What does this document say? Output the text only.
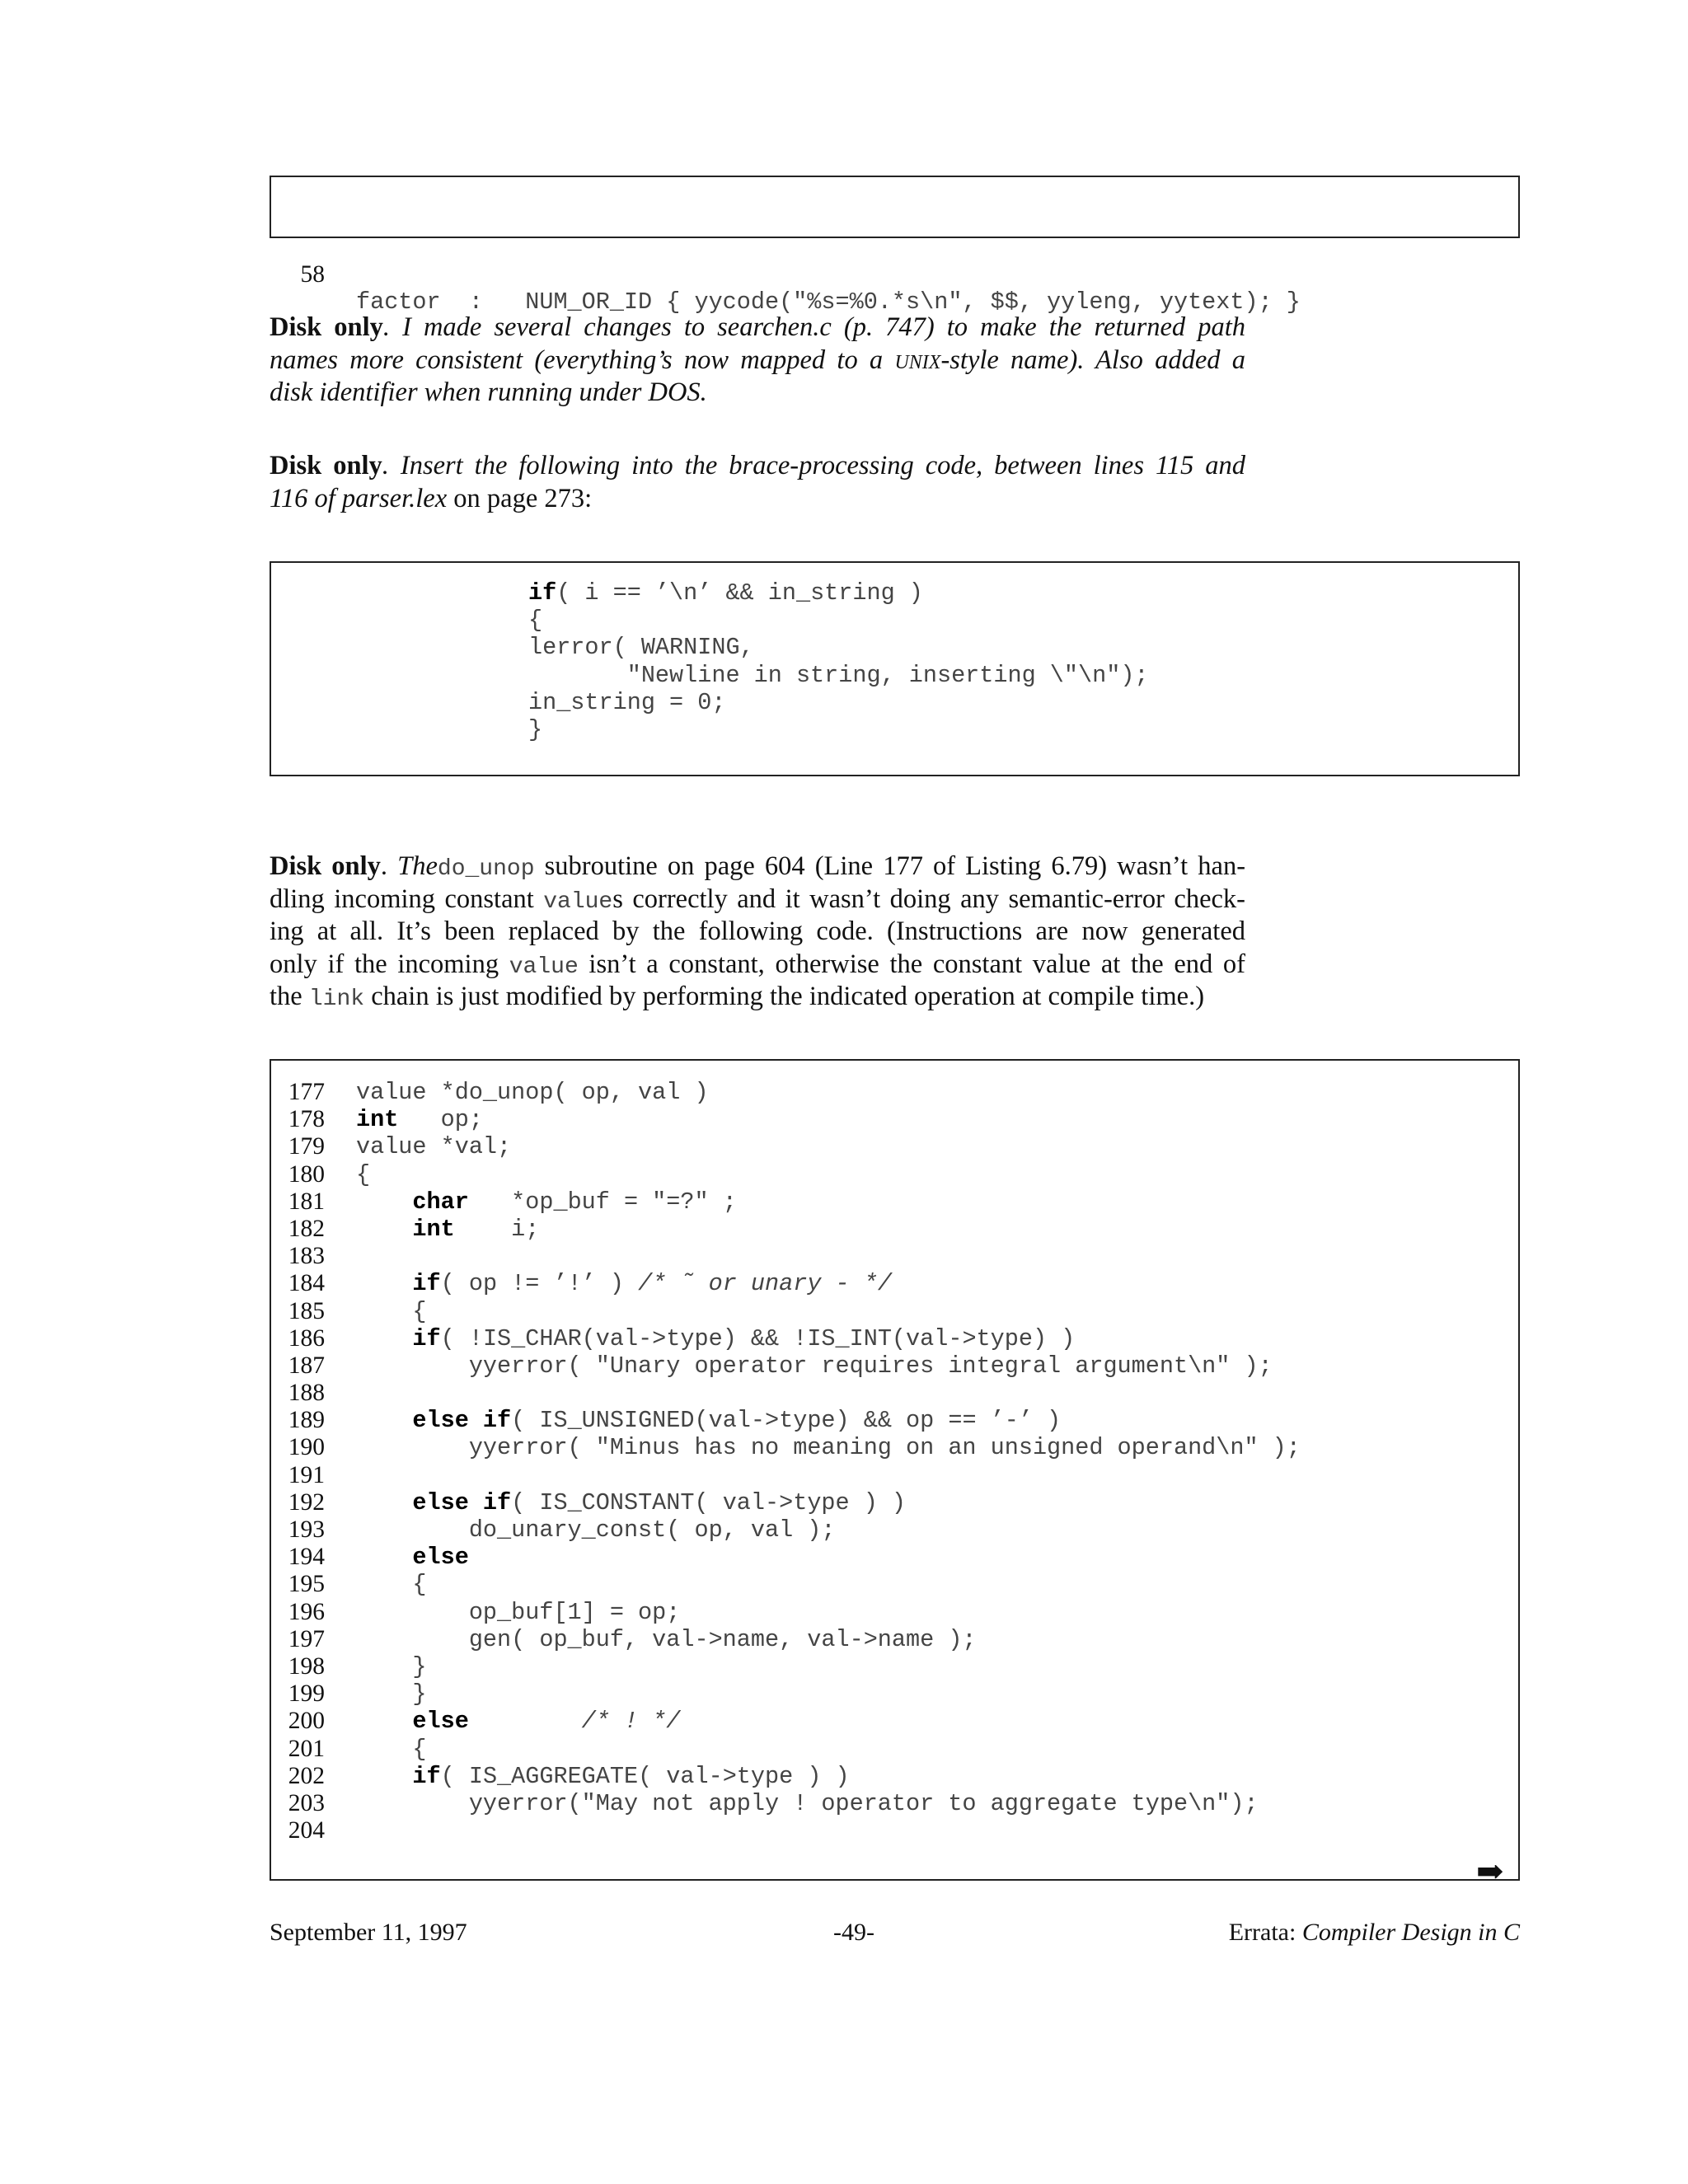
58

factor  :   NUM_OR_ID { yycode("%s=%0.*s\n", $$, yyleng, yytext); }

Disk only. I made several changes to searchen.c (p. 747) to make the returned path
names more consistent (everything’s now mapped to a UNIX-style name). Also added a
disk identifier when running under DOS.
Disk only. Insert the following into the brace-processing code, between lines 115 and
116 of parser.lex on page 273:
if( i == ’\n’ && in_string )
{
lerror( WARNING,
"Newline in string, inserting \"\n");
in_string = 0;
}
Disk only. Thedo_unop subroutine on page 604 (Line 177 of Listing 6.79) wasn’t han-
dling incoming constant values correctly and it wasn’t doing any semantic-error check-
ing at all. It’s been replaced by the following code. (Instructions are now generated
only if the incoming value isn’t a constant, otherwise the constant value at the end of
the link chain is just modified by performing the indicated operation at compile time.)
177 value *do_unop( op, val )
178 int   op;
179 value *val;
180 {
181	char   *op_buf = "=?" ;
182	int    i;
183
184	if( op != ’!’ ) /* ˜ or unary - */
185	{
186	if( !IS_CHAR(val->type) && !IS_INT(val->type) )
187	yyerror( "Unary operator requires integral argument\n" );
188
189	else if( IS_UNSIGNED(val->type) && op == ’-’ )
190	yyerror( "Minus has no meaning on an unsigned operand\n" );
191
192	else if( IS_CONSTANT( val->type ) )
193	do_unary_const( op, val );
194	else
195	{
196	op_buf[1] = op;
197	gen( op_buf, val->name, val->name );
198	}
199	}
200	else	/* ! */
201	{
202	if( IS_AGGREGATE( val->type ) )
203	yyerror("May not apply ! operator to aggregate type\n");
204
➡
September 11, 1997	-49-	Errata: Compiler Design in C
